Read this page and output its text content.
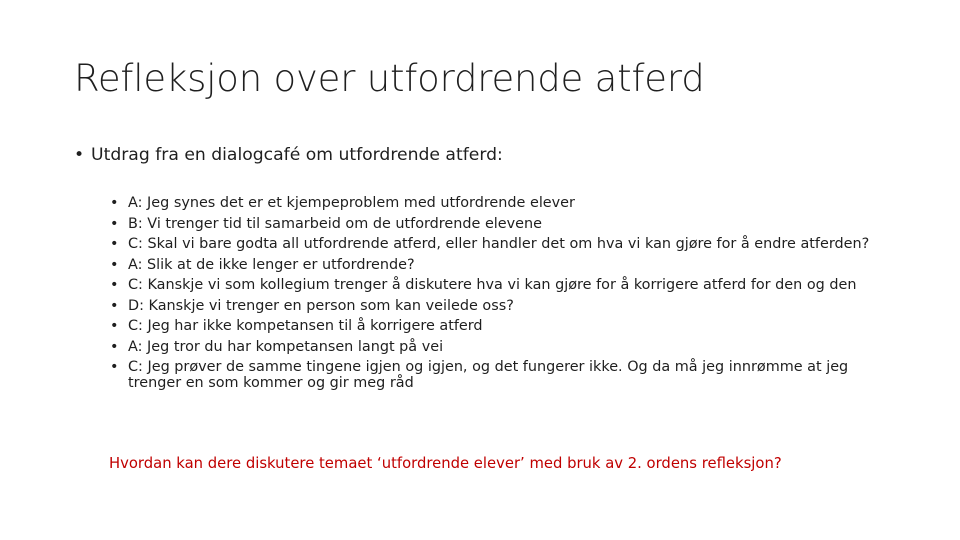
Refleksjon over utfordrende atferd
• Utdrag fra en dialogcafé om utfordrende atferd:
• A: Jeg synes det er et kjempeproblem med utfordrende elever
• B: Vi trenger tid til samarbeid om de utfordrende elevene
• C: Skal vi bare godta all utfordrende atferd, eller handler det om hva vi kan gjøre for å endre atferden?
• A: Slik at de ikke lenger er utfordrende?
• C: Kanskje vi som kollegium trenger å diskutere hva vi kan gjøre for å korrigere atferd for den og den
• D: Kanskje vi trenger en person som kan veilede oss?
• C: Jeg har ikke kompetansen til å korrigere atferd
• A: Jeg tror du har kompetansen langt på vei
• C: Jeg prøver de samme tingene igjen og igjen, og det fungerer ikke. Og da må jeg innrømme at jeg trenger en som kommer og gir meg råd
Hvordan kan dere diskutere temaet ‘utfordrende elever’ med bruk av 2. ordens refleksjon?
